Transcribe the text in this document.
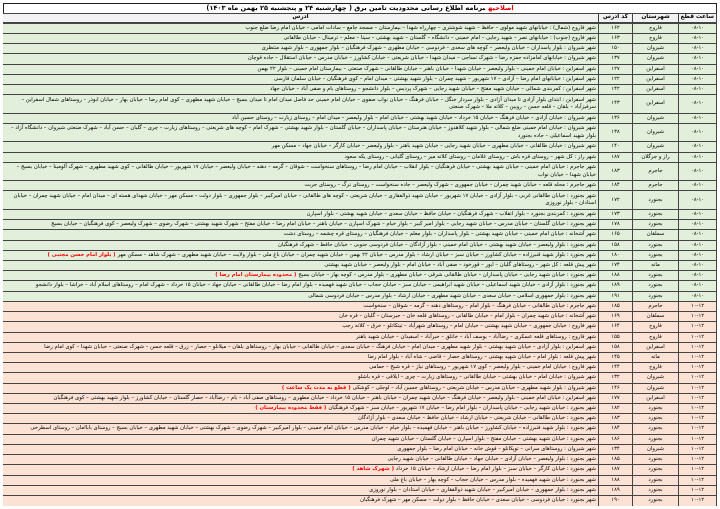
اصلاحیهبرنامه اطلاع رسانی محدودیت تامین برق ( چهارشنبه ۲۴ و پنجشنبه ۲۵ بهمن ماه ۱۴۰۳)
ساعت قطع	شهرستان	کد آدرس	آدرس
۰۸-۱۰	فاروج	۱۶۲	شهر فاروج (شمال) : خیابانهای شهید مولوی – حافظ – شهید شوشتری – چهارراه شهدا – بیمارستان – مسجد جامع – سادات امامی – خیابان امام رضا ضلع جنوب
۰۸-۱۰	فاروج	۱۶۳	شهر فاروج (جنوب) : خیابانهای نصر – شهید رجایی – امام خمینی – دانشگاه – گلستان – شهید بهشتی – سینا – معلم – ترمینال – خیابان طالقانی
۰۸-۱۰	شیروان	۱۵۰	شهر شیروان : بلوار پاسداران – خیابان ولیعصر – کوچه های سعدی – فردوسی – خیابان مطهری – شهرک فرهنگیان – بلوار جمهوری – بلوار شهید منتظری
۰۸-۱۰	شیروان	۱۳۷	شهر شیروان : خیابانهای امامزاده حمزه رضا – شهرک نساجی – میدان شهدا – خیابان شریعتی – خیابان کشاورز – خیابان مدرس – خیابان استقلال – جاده قوچان
۰۸-۱۰	اسفراین	۱۲۷	شهر اسفراین : خیابان امام خمینی – بلوار ولیعصر – خیابان شهدا – خیابان باهنر – خیابان طالقانی – شهرک صنعتی – بیمارستان امام خمینی – بلوار ۲۲ بهمن
۰۸-۱۰	اسفراین	۱۲۲	شهر اسفراین : خیابانهای امام رضا – آزادی – ۱۷ شهریور – شهید چمران – بلوار شهید بهشتی – میدان امام – کوی فرهنگیان – خیابان سلمان فارسی
۰۸-۱۰	اسفراین	۱۴۲	شهر اسفراین : کمربندی شمالی – خیابان شهید مفتح – خیابان شهید رجایی – شهرک پردیس – بلوار دانشجو – روستاهای بام و صفی آباد – خیابان جهاد
۰۸-۱۰	اسفراین	۱۴۳	شهر اسفراین : ابتدای بلوار آزادی تا میدان آزادی – بلوار سردار جنگل – خیابان فرهنگ – خیابان نواب صفوی – خیابان امام خمینی حد فاصل میدان امام تا میدان بسیج – خیابان شهید مطهری – کوی امام رضا – خیابان بهار – خیابان ابوذر – روستاهای شمال اسفراین – سرفیزآباد – بلقان – قلعه حسن – رویین – کلاته ملا – شهرک صنعتی
۰۸-۱۰	شیروان	۱۳۶	شهر شیروان : خیابان آزادی – خیابان فرهنگ – خیابان ۱۵ خرداد – خیابان شهید بهشتی – خیابان امام – بلوار ولیعصر – میدان امام – روستای زیارت – روستای حسین آباد
۰۸-۱۰	شیروان	۱۳۸	شهر شیروان : خیابان امام خمینی ضلع شمالی – بلوار شهید کلاهدوز – خیابان هنرستان – خیابان پاسداران – خیابان گلستان – بلوار شهید بهشتی – شهرک امام – کوچه های شریعتی – روستاهای زیارت – چری – گلیان – حسن آباد – شهرک صنعتی شیروان – دانشگاه آزاد – بلوار شهید اسماعیلی – جاده بجنورد
۰۸-۱۰	شیروان	۱۴۰	شهر شیروان : خیابان طالقانی – خیابان مطهری – خیابان شهید رجایی – خیابان شهید باهنر – بلوار ولیعصر – خیابان کارگر – خیابان جهاد – مسکن مهر
۰۸-۱۰	راز و جرگلان	۱۸۷	شهر راز : کل شهر – روستای قره باش – روستای غلامان – روستای کلاته میر – روستای گلیانی – روستای یکه سعود
۰۸-۱۰	جاجرم	۱۸۳	شهر جاجرم : خیابان امام خمینی – خیابان شهید بهشتی – خیابان فرهنگیان – بلوار انقلاب – خیابان امام رضا – روستاهای سنخواست – شوقان – گرمه – دهنه – خیابان ولیعصر – خیابان ۱۷ شهریور – خیابان طالقانی – کوی شهید مطهری – شهرک آلومینا – خیابان بسیج – خیابان شهدا – خیابان نواب
۰۸-۱۰	جاجرم	۱۸۴	شهر جاجرم : محله قلعه – خیابان شهید چمران – خیابان جمهوری – شهرک ولیعصر – جاده سنخواست – روستای نرگ – روستای جربت
۰۸-۱۰	بجنورد	۱۷۲	شهر بجنورد : خیابان طالقانی غربی – بلوار آزادی – خیابان ۱۷ شهریور – خیابان شهید ذوالفقاری – خیابان شریعتی – کوچه های طالقانی – خیابان امیرکبیر – بلوار جمهوری – بلوار دولت – مسکن مهر – خیابان شهدای هسته ای – میدان امام – خیابان شهید چمران – خیابان استادان – بلوار نوروزی
۰۸-۱۰	بجنورد	۱۷۳	شهر بجنورد : کمربندی بجنورد – بلوار انقلاب – شهرک فرهنگیان – خیابان حافظ – خیابان سعدی – خیابان شهید بهشتی – بلوار اسپارن
۰۸-۱۰	بجنورد	۱۷۸	شهر بجنورد : خیابان گلستان – خیابان مدرس – خیابان شهید رجایی – بلوار امیر کبیر – بلوار خیام – شهرک اسپارن – خیابان باهنر – خیابان امام رضا – خیابان مفتح – شهرک شهید بهشتی – شهرک رضوی – شهرک ولیعصر – کوی فرهنگیان – خیابان بسیج
۰۸-۱۰	سملقان	۱۶۵	شهر آشخانه : خیابان امام خمینی – خیابان شهید بهشتی – بلوار پاسداران – بلوار معلم – خیابان فرهنگیان – روستای قره چشمه – روستای دشت
۰۸-۱۰	بجنورد	۱۵۸	شهر بجنورد : بلوار ولیعصر – خیابان شهید بهشتی – خیابان امام خمینی – بلوار آزادگان – خیابان فردوسی جنوبی – خیابان حافظ – شهرک فرهنگیان
۰۸-۱۰	بجنورد	۱۸۰	شهر بجنورد : بلوار شهید قنبرزاده – خیابان کشاورز – خیابان سبز – خیابان ارشاد – بلوار مدرس – خیابان ۲۲ بهمن – خیابان شهید چمران – خیابان باغ ملی – بلوار ولایت – خیابان شهید مطهری – شهرک شاهد – مسکن مهر( بلوار امام حسن مجتبی )
۰۸-۱۰	مانه	۱۷۴	شهر پیش قلعه : کل شهر – روستاهای گلیان – ایور – قورخود – صفی آباد – خیابان امام – بلوار ولیعصر – خیابان شهید بهشتی
۰۸-۱۰	بجنورد	۱۸۸	شهر بجنورد : خیابان شهید رجایی – خیابان پاسداران – خیابان طالقانی شرقی – خیابان مطهری – بلوار مدرس – کوچه بهار – خیابان بسیج( محدوده بیمارستان امام رضا )
۰۸-۱۰	بجنورد	۱۸۹	شهر بجنورد : بلوار آزادی – خیابان شهید اسماعیلی – خیابان شهید ابراهیمی – خیابان سبز – خیابان حجاب – خیابان شهید فهمیده – بلوار امام رضا – خیابان طالقانی – خیابان جهاد – خیابان ۱۵ خرداد – شهرک امام – روستاهای اسلام آباد – خراشا – بلوار دانشجو
۰۸-۱۰	بجنورد	۱۹۱	شهر بجنورد : بلوار جمهوری اسلامی – خیابان سعدی – خیابان شهید مطهری – خیابان ارشاد – بلوار مدرس – خیابان فردوسی شمالی
۱۰-۱۲	جاجرم	۱۸۵	شهر جاجرم : خیابان طالقانی – خیابان فرهنگ – بلوار امام – روستاهای دهنه – گرمه – شوقان – سنخواست
۱۰-۱۲	سملقان	۱۶۹	شهر آشخانه : خیابان شهید چمران – بلوار امام – خیابان طالقانی – روستاهای قلعه خان – جیرستان – گلیان – قره خان
۱۰-۱۲	فاروج	۱۶۴	شهر فاروج : خیابان جمهوری – خیابان شهید بهشتی – خیابان امام – روستاهای شهرآباد – تیتکانلو – خرق – کلاته رجب
۱۰-۱۲	فاروج	۱۵۵	شهر فاروج : روستاهای قلعه عسکری – رضاآباد – یوسف آباد – خانلق – خیرآباد – اسفیدان – خیابان شهید باهنر
۱۰-۱۲	اسفراین	۱۵۸	شهر اسفراین : بلوار آزادی – خیابان شهید بهشتی – بلوار شهید مطهری – میدان امام – خیابان فرهنگ – خیابان سعدی – خیابان طالقانی – خیابان بهار – روستاهای بلقان – میلانلو – حصار – زرق – قلعه حسن – شهرک صنعتی – خیابان شهدا – کوی امام رضا
۱۰-۱۲	مانه	۱۴۵	شهر پیش قلعه : بلوار امام – خیابان شهید بهشتی – روستاهای حصار – قاضی – شاه آباد – بلوار امام رضا
۱۰-۱۲	فاروج	۱۴۴	شهر فاروج : خیابان امام خمینی – بلوار ولیعصر – کوی ۱۷ شهریور – روستاهای نیاز – قره شیخ – حمامی
۱۰-۱۲	شیروان	۱۳۲	شهر شیروان : خیابان امام – خیابان بهشتی – خیابان طالقانی – روستاهای زیارت – چری – ایلاقی – قره باشلو
۱۰-۱۲	شیروان	۱۴۶	شهر شیروان : بلوار شهید مطهری – خیابان مدرس – خیابان شریعتی – روستاهای حسین آباد – لوجلی – کوشکی( قطع به مدت یک ساعت )
۱۰-۱۲	اسفراین	۱۷۷	شهر اسفراین : خیابان امام خمینی – بلوار ولیعصر – خیابان فرهنگ – خیابان شهید چمران – خیابان باهنر – خیابان ۱۵ خرداد – خیابان مطهری – روستاهای صفی آباد – بام – رضاآباد – حصار گلستان – خیابان کشاورز – بلوار شهید بهشتی – کوی فرهنگیان
۱۰-۱۲	بجنورد	۱۸۲	شهر بجنورد : خیابان شهید رجایی – خیابان پاسداران – بلوار امام رضا – خیابان ۱۷ شهریور – خیابان سبز – شهرک فرهنگیان( فقط محدوده بیمارستان )
۱۰-۱۲	بجنورد	۱۸۳	شهر بجنورد : خیابان طالقانی – خیابان شریعتی – خیابان ارشاد – خیابان حافظ – خیابان سعدی – بلوار آزادگان
۱۰-۱۲	بجنورد	۱۸۴	شهر بجنورد : بلوار شهید قنبرزاده – خیابان کشاورز – خیابان باهنر – خیابان فهمیده – بلوار خیام – خیابان مدرس – خیابان امام خمینی – بلوار امیرکبیر – شهرک رضوی – شهرک بهشتی – خیابان شهید مطهری – خیابان بسیج – روستای باباامان – روستای اسطرخی
۱۰-۱۲	بجنورد	۱۸۶	شهر بجنورد : خیابان شهید بهشتی – خیابان مفتح – بلوار اسپارن – خیابان گلستان – خیابان شهید چمران
۱۰-۱۲	شیروان	۱۳۴	شهر شیروان : روستاهای سرانی – توپکانلو – قوش خانه – خیابان امام رضا – بلوار جمهوری
۱۰-۱۲	بجنورد	۱۸۵	شهر بجنورد : بلوار ولیعصر – خیابان آزادی – خیابان جهاد – خیابان طالقانی – خیابان شهید رجایی
۱۰-۱۲	بجنورد	۱۸۷	شهر بجنورد : خیابان کارگر – خیابان سبز – بلوار امام رضا – خیابان ارشاد – خیابان ۱۵ خرداد( شهرک شاهد )
۱۰-۱۲	بجنورد	۱۸۸	شهر بجنورد : خیابان شهید فهمیده – بلوار مدرس – خیابان حجاب – کوچه بهار – خیابان باغ ملی
۱۰-۱۲	بجنورد	۱۸۹	شهر بجنورد : بلوار جمهوری – خیابان امیرکبیر – خیابان شهید ذوالفقاری – خیابان استادان – بلوار نوروزی
۱۰-۱۲	بجنورد	۱۹۰	شهر بجنورد : خیابان فردوسی – خیابان سعدی – خیابان حافظ – بلوار دولت – مسکن مهر – شهرک فرهنگیان
